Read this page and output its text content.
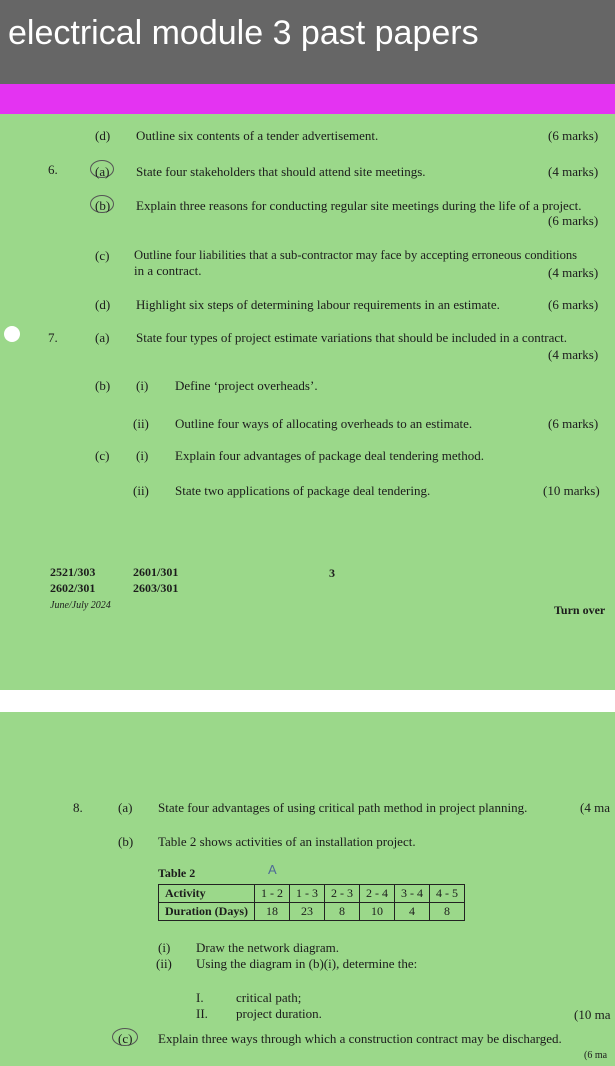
electrical module 3 past papers
(d) Outline six contents of a tender advertisement.	(6 marks)
6.	(a) State four stakeholders that should attend site meetings.	(4 marks)
(b) Explain three reasons for conducting regular site meetings during the life of a project.
(6 marks)
(c) Outline four liabilities that a sub-contractor may face by accepting erroneous conditions
in a contract.	(4 marks)
(d) Highlight six steps of determining labour requirements in an estimate.	(6 marks)
7.	(a) State four types of project estimate variations that should be included in a contract.
(4 marks)
(b) (i) Define ‘project overheads’.
(ii) Outline four ways of allocating overheads to an estimate.	(6 marks)
(c) (i) Explain four advantages of package deal tendering method.
(ii) State two applications of package deal tendering.	(10 marks)
2521/303
2602/301
2601/301
2603/301
3
June/July 2024	Turn over
8.	(a) State four advantages of using critical path method in project planning.	(4 ma
(b) Table 2 shows activities of an installation project.
Table 2	A
Activity	1 - 2	1 - 3	2 - 3	2 - 4	3 - 4	4 - 5
Duration (Days)	18	23	8	10	4	8
(i) Draw the network diagram.
(ii) Using the diagram in (b)(i), determine the:
I. critical path;
II. project duration.	(10 ma
(c) Explain three ways through which a construction contract may be discharged.
(6 ma
